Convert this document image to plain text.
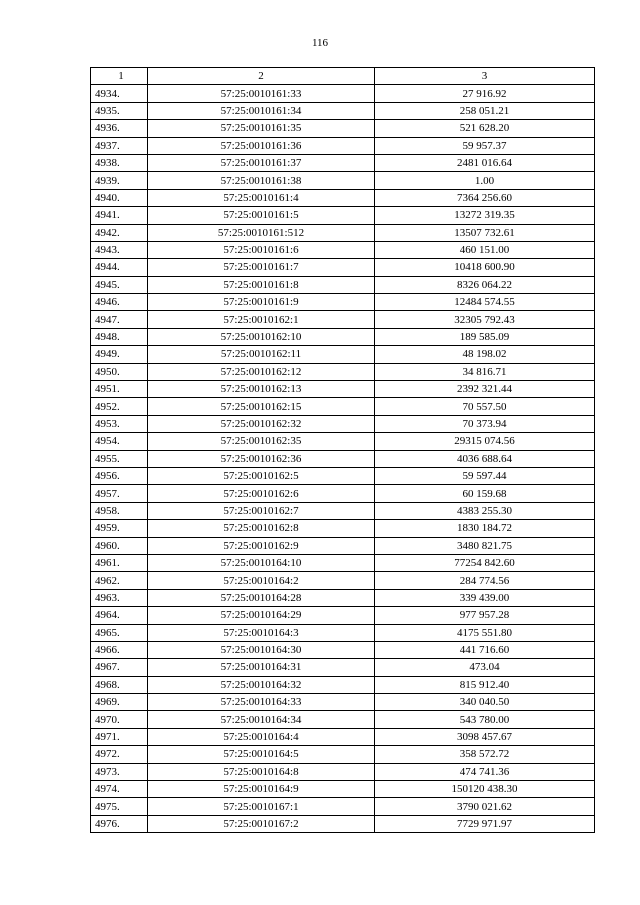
116
1	2	3
4934.	57:25:0010161:33	27 916.92
4935.	57:25:0010161:34	258 051.21
4936.	57:25:0010161:35	521 628.20
4937.	57:25:0010161:36	59 957.37
4938.	57:25:0010161:37	2481 016.64
4939.	57:25:0010161:38	1.00
4940.	57:25:0010161:4	7364 256.60
4941.	57:25:0010161:5	13272 319.35
4942.	57:25:0010161:512	13507 732.61
4943.	57:25:0010161:6	460 151.00
4944.	57:25:0010161:7	10418 600.90
4945.	57:25:0010161:8	8326 064.22
4946.	57:25:0010161:9	12484 574.55
4947.	57:25:0010162:1	32305 792.43
4948.	57:25:0010162:10	189 585.09
4949.	57:25:0010162:11	48 198.02
4950.	57:25:0010162:12	34 816.71
4951.	57:25:0010162:13	2392 321.44
4952.	57:25:0010162:15	70 557.50
4953.	57:25:0010162:32	70 373.94
4954.	57:25:0010162:35	29315 074.56
4955.	57:25:0010162:36	4036 688.64
4956.	57:25:0010162:5	59 597.44
4957.	57:25:0010162:6	60 159.68
4958.	57:25:0010162:7	4383 255.30
4959.	57:25:0010162:8	1830 184.72
4960.	57:25:0010162:9	3480 821.75
4961.	57:25:0010164:10	77254 842.60
4962.	57:25:0010164:2	284 774.56
4963.	57:25:0010164:28	339 439.00
4964.	57:25:0010164:29	977 957.28
4965.	57:25:0010164:3	4175 551.80
4966.	57:25:0010164:30	441 716.60
4967.	57:25:0010164:31	473.04
4968.	57:25:0010164:32	815 912.40
4969.	57:25:0010164:33	340 040.50
4970.	57:25:0010164:34	543 780.00
4971.	57:25:0010164:4	3098 457.67
4972.	57:25:0010164:5	358 572.72
4973.	57:25:0010164:8	474 741.36
4974.	57:25:0010164:9	150120 438.30
4975.	57:25:0010167:1	3790 021.62
4976.	57:25:0010167:2	7729 971.97
